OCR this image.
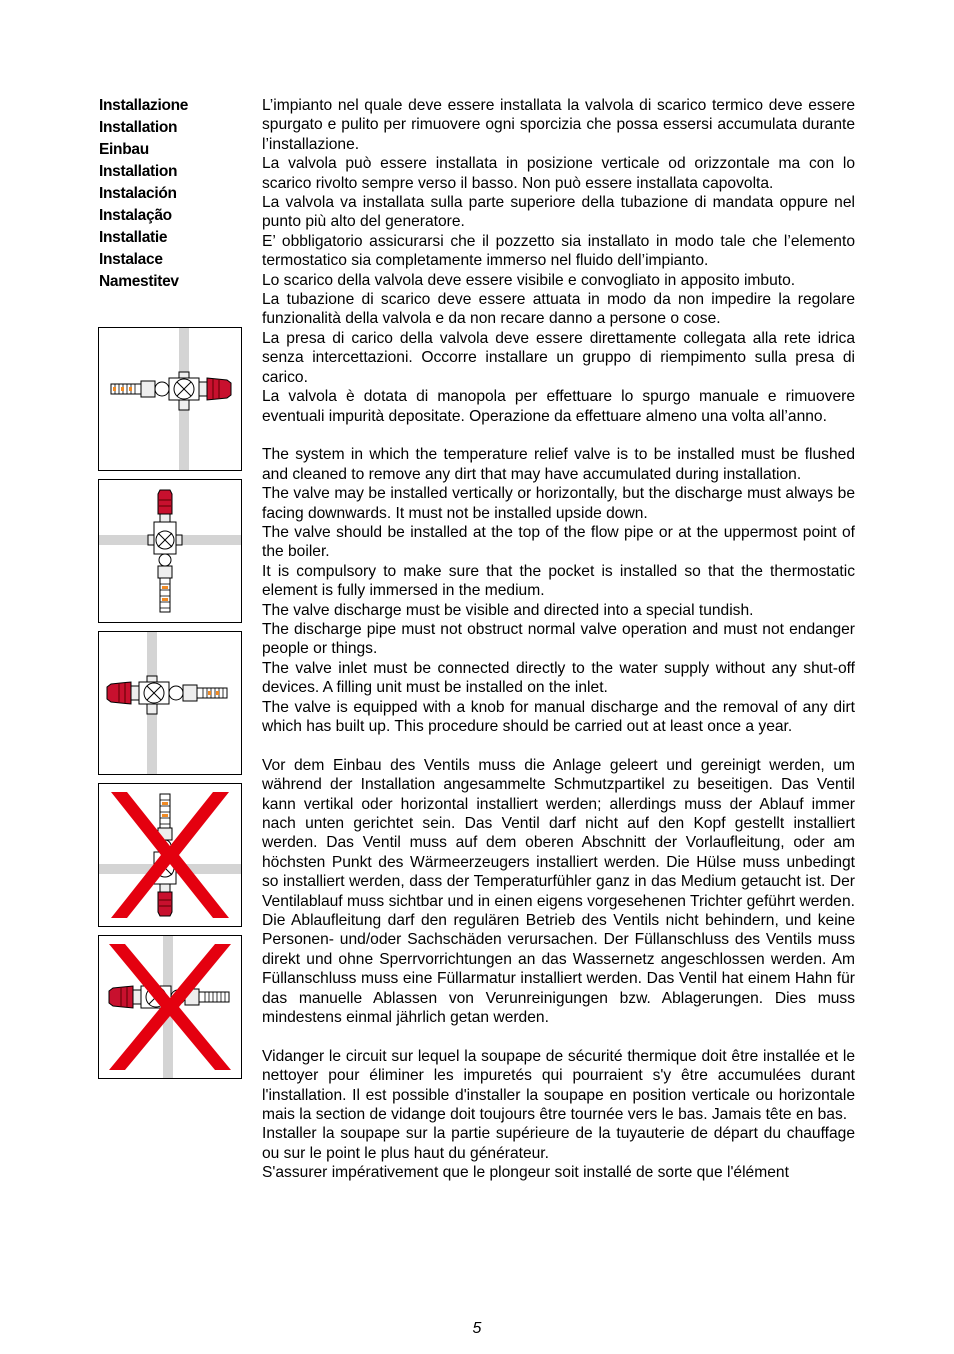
Installazione
Installation
Einbau
Installation
Instalación
Instalação
Installatie
Instalace
Namestitev

L’impianto nel quale deve essere installata la valvola di scarico termico deve essere spurgato e pulito per rimuovere ogni sporcizia che possa essersi accumulata durante l’installazione.

La valvola può essere installata in posizione verticale od orizzontale ma con lo scarico rivolto sempre verso il basso. Non può essere installata capovolta.

La valvola va installata sulla parte superiore della tubazione di mandata oppure nel punto più alto del generatore.

E’ obbligatorio assicurarsi che il pozzetto sia installato in modo tale che l’elemento termostatico sia completamente immerso nel fluido dell’impianto.

Lo scarico della valvola deve essere visibile e convogliato in apposito imbuto.

La tubazione di scarico deve essere attuata in modo da non impedire la regolare funzionalità della valvola e da non recare danno a persone o cose.

La presa di carico della valvola deve essere direttamente collegata alla rete idrica senza intercettazioni. Occorre installare un gruppo di riempimento sulla presa di carico.

La valvola è dotata di manopola per effettuare lo spurgo manuale e rimuovere eventuali impurità depositate. Operazione da effettuare almeno una volta all’anno.

The system in which the temperature relief valve is to be installed must be flushed and cleaned to remove any dirt that may have accumulated during installation.

The valve may be installed vertically or horizontally, but the discharge must always be facing downwards. It must not be installed upside down.

The valve should be installed at the top of the flow pipe or at the uppermost point of the boiler.

It is compulsory to make sure that the pocket is installed so that the thermostatic element is fully immersed in the medium.

The valve discharge must be visible and directed into a special tundish.

The discharge pipe must not obstruct normal valve operation and must not endanger people or things.

The valve inlet must be connected directly to the water supply without any shut-off devices. A filling unit must be installed on the inlet.

The valve is equipped with a knob for manual discharge and the removal of any dirt which has built up. This procedure should be carried out at least once a year.

Vor dem Einbau des Ventils muss die Anlage geleert und gereinigt werden, um während der Installation angesammelte Schmutzpartikel zu beseitigen. Das Ventil kann vertikal oder horizontal installiert werden; allerdings muss der Ablauf immer nach unten gerichtet sein. Das Ventil darf nicht auf den Kopf gestellt installiert werden. Das Ventil muss auf dem oberen Abschnitt der Vorlaufleitung, oder am höchsten Punkt des Wärmeerzeugers installiert werden. Die Hülse muss unbedingt so installiert werden, dass der Temperaturfühler ganz in das Medium getaucht ist. Der Ventilablauf muss sichtbar und in einen eigens vorgesehenen Trichter geführt werden. Die Ablaufleitung darf den regulären Betrieb des Ventils nicht behindern, und keine Personen- und/oder Sachschäden verursachen. Der Füllanschluss des Ventils muss direkt und ohne Sperrvorrichtungen an das Wassernetz angeschlossen werden. Am Füllanschluss muss eine Füllarmatur installiert werden. Das Ventil hat einem Hahn für das manuelle Ablassen von Verunreinigungen bzw. Ablagerungen. Dies muss mindestens einmal jährlich getan werden.

Vidanger le circuit sur lequel la soupape de sécurité thermique doit être installée et le nettoyer pour éliminer les impuretés qui pourraient s'y être accumulées durant l'installation. Il est possible d'installer la soupape en position verticale ou horizontale mais la section de vidange doit toujours être tournée vers le bas. Jamais tête en bas.

Installer la soupape sur la partie supérieure de la tuyauterie de départ du chauffage ou sur le point le plus haut du générateur.

S'assurer impérativement que le plongeur soit installé de sorte que l'élément

5
